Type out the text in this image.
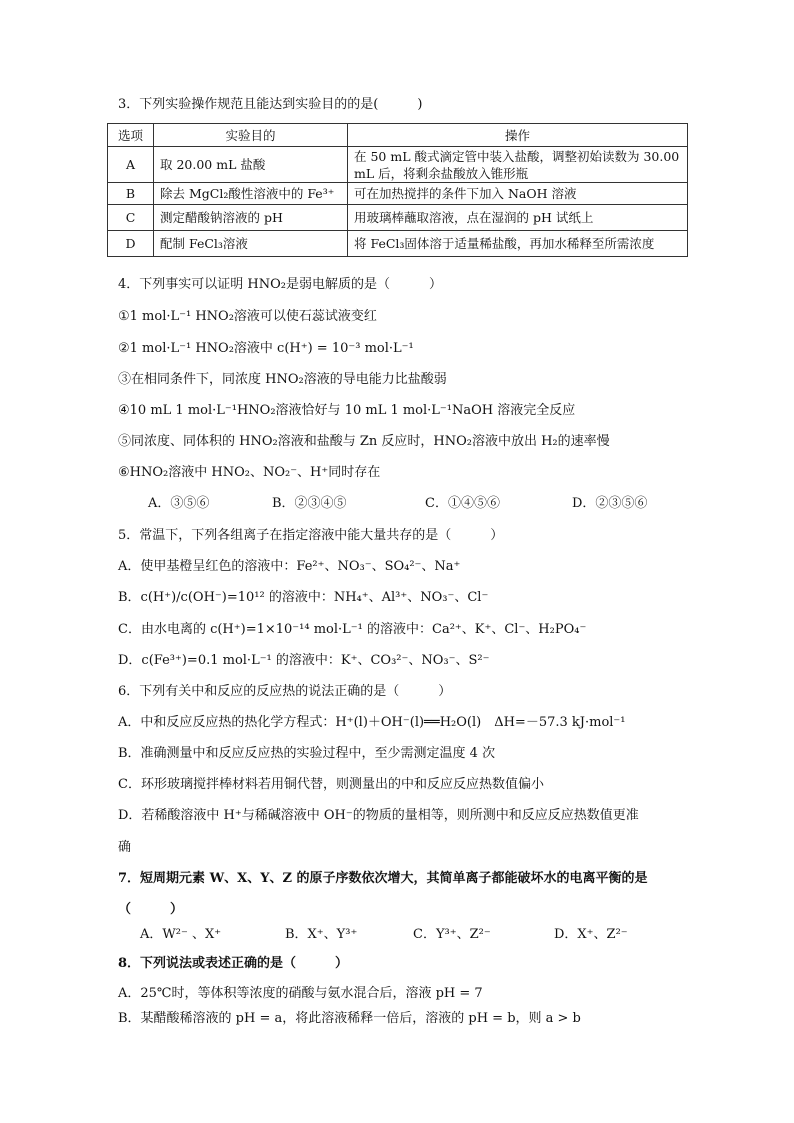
3．下列实验操作规范且能达到实验目的的是(　　　)
选项	实验目的	操作
A	取 20.00 mL 盐酸	在 50 mL 酸式滴定管中装入盐酸，调整初始读数为 30.00 mL 后，将剩余盐酸放入锥形瓶
B	除去 MgCl₂酸性溶液中的 Fe³⁺	可在加热搅拌的条件下加入 NaOH 溶液
C	测定醋酸钠溶液的 pH	用玻璃棒蘸取溶液，点在湿润的 pH 试纸上
D	配制 FeCl₃溶液	将 FeCl₃固体溶于适量稀盐酸，再加水稀释至所需浓度
4．下列事实可以证明 HNO₂是弱电解质的是（　　　）
①1 mol·L⁻¹ HNO₂溶液可以使石蕊试液变红
②1 mol·L⁻¹ HNO₂溶液中 c(H⁺) = 10⁻³ mol·L⁻¹
③在相同条件下，同浓度 HNO₂溶液的导电能力比盐酸弱
④10 mL 1 mol·L⁻¹HNO₂溶液恰好与 10 mL 1 mol·L⁻¹NaOH 溶液完全反应
⑤同浓度、同体积的 HNO₂溶液和盐酸与 Zn 反应时，HNO₂溶液中放出 H₂的速率慢
⑥HNO₂溶液中 HNO₂、NO₂⁻、H⁺同时存在
A．③⑤⑥	B．②③④⑤	C．①④⑤⑥	D．②③⑤⑥
5．常温下，下列各组离子在指定溶液中能大量共存的是（　　　）
A．使甲基橙呈红色的溶液中：Fe²⁺、NO₃⁻、SO₄²⁻、Na⁺
B．c(H⁺)/c(OH⁻)=10¹² 的溶液中：NH₄⁺、Al³⁺、NO₃⁻、Cl⁻
C．由水电离的 c(H⁺)=1×10⁻¹⁴ mol·L⁻¹ 的溶液中：Ca²⁺、K⁺、Cl⁻、H₂PO₄⁻
D．c(Fe³⁺)=0.1 mol·L⁻¹ 的溶液中：K⁺、CO₃²⁻、NO₃⁻、S²⁻
6．下列有关中和反应的反应热的说法正确的是（　　　）
A．中和反应反应热的热化学方程式：H⁺(l)＋OH⁻(l)══H₂O(l)　ΔH=－57.3 kJ·mol⁻¹
B．准确测量中和反应反应热的实验过程中，至少需测定温度 4 次
C．环形玻璃搅拌棒材料若用铜代替，则测量出的中和反应反应热数值偏小
D．若稀酸溶液中 H⁺与稀碱溶液中 OH⁻的物质的量相等，则所测中和反应反应热数值更准
确
7．短周期元素 W、X、Y、Z 的原子序数依次增大，其简单离子都能破坏水的电离平衡的是
（　　　）
A．W²⁻ 、X⁺	B．X⁺、Y³⁺	C．Y³⁺、Z²⁻	D．X⁺、Z²⁻
8．下列说法或表述正确的是（　　　）
A．25℃时，等体积等浓度的硝酸与氨水混合后，溶液 pH = 7
B．某醋酸稀溶液的 pH = a，将此溶液稀释一倍后，溶液的 pH = b，则 a > b
